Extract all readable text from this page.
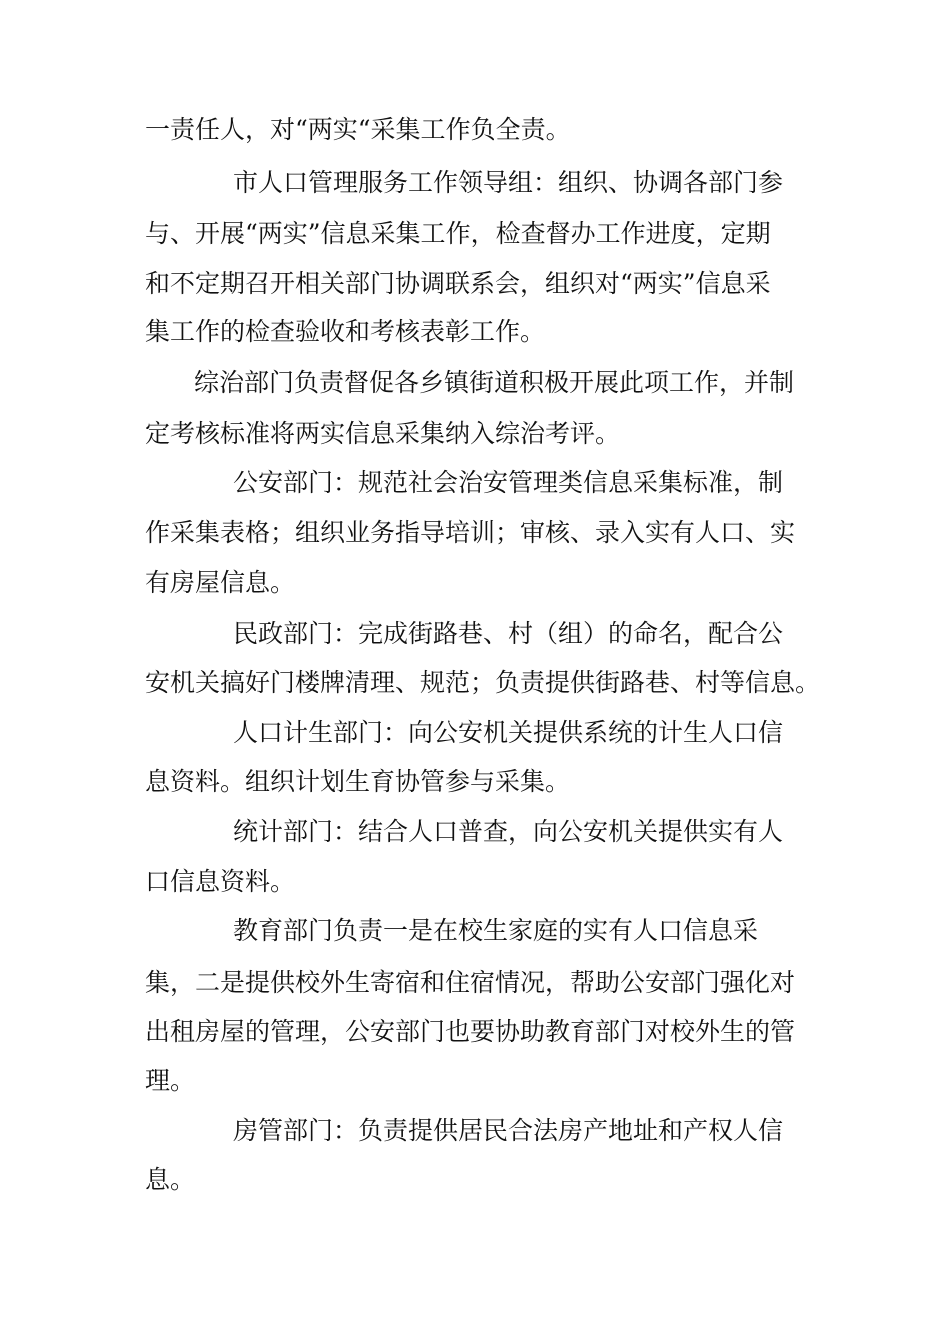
一责任人，对“两实“采集工作负全责。
市人口管理服务工作领导组：组织、协调各部门参
与、开展“两实”信息采集工作，检查督办工作进度，定期
和不定期召开相关部门协调联系会，组织对“两实”信息采
集工作的检查验收和考核表彰工作。
综治部门负责督促各乡镇街道积极开展此项工作，并制
定考核标准将两实信息采集纳入综治考评。
公安部门：规范社会治安管理类信息采集标准，制
作采集表格；组织业务指导培训；审核、录入实有人口、实
有房屋信息。
民政部门：完成街路巷、村（组）的命名，配合公
安机关搞好门楼牌清理、规范；负责提供街路巷、村等信息。
人口计生部门：向公安机关提供系统的计生人口信
息资料。组织计划生育协管参与采集。
统计部门：结合人口普查，向公安机关提供实有人
口信息资料。
教育部门负责一是在校生家庭的实有人口信息采
集，二是提供校外生寄宿和住宿情况，帮助公安部门强化对
出租房屋的管理，公安部门也要协助教育部门对校外生的管
理。
房管部门：负责提供居民合法房产地址和产权人信
息。
